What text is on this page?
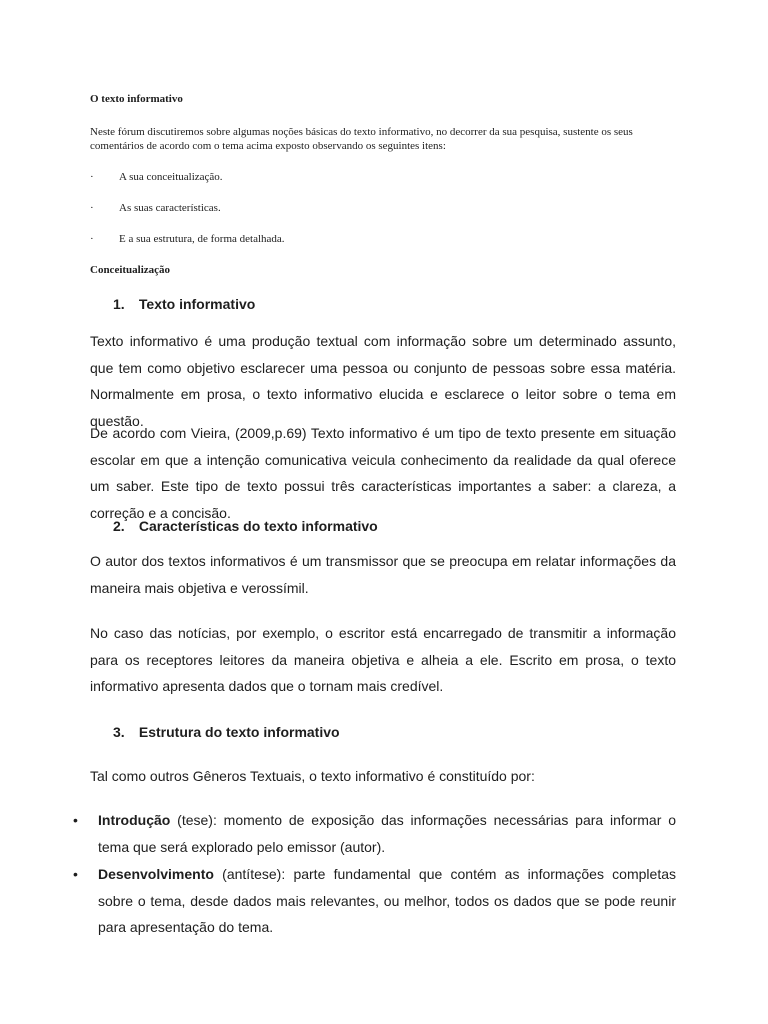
O texto informativo
Neste fórum discutiremos sobre algumas noções básicas do texto informativo, no decorrer da sua pesquisa, sustente os seus comentários de acordo com o tema acima exposto observando os seguintes itens:
·	A sua conceitualização.
·	As suas características.
·	E a sua estrutura, de forma detalhada.
Conceitualização
1. Texto informativo
Texto informativo é uma produção textual com informação sobre um determinado assunto, que tem como objetivo esclarecer uma pessoa ou conjunto de pessoas sobre essa matéria. Normalmente em prosa, o texto informativo elucida e esclarece o leitor sobre o tema em questão.
De acordo com Vieira, (2009,p.69) Texto informativo é um tipo de texto presente em situação escolar em que a intenção comunicativa veicula conhecimento da realidade da qual oferece um saber. Este tipo de texto possui três características importantes a saber: a clareza, a correção e a concisão.
2. Características do texto informativo
O autor dos textos informativos é um transmissor que se preocupa em relatar informações da maneira mais objetiva e verossímil.
No caso das notícias, por exemplo, o escritor está encarregado de transmitir a informação para os receptores leitores da maneira objetiva e alheia a ele. Escrito em prosa, o texto informativo apresenta dados que o tornam mais credível.
3. Estrutura do texto informativo
Tal como outros Gêneros Textuais, o texto informativo é constituído por:
•	Introdução (tese): momento de exposição das informações necessárias para informar o tema que será explorado pelo emissor (autor).
•	Desenvolvimento (antítese): parte fundamental que contém as informações completas sobre o tema, desde dados mais relevantes, ou melhor, todos os dados que se pode reunir para apresentação do tema.
